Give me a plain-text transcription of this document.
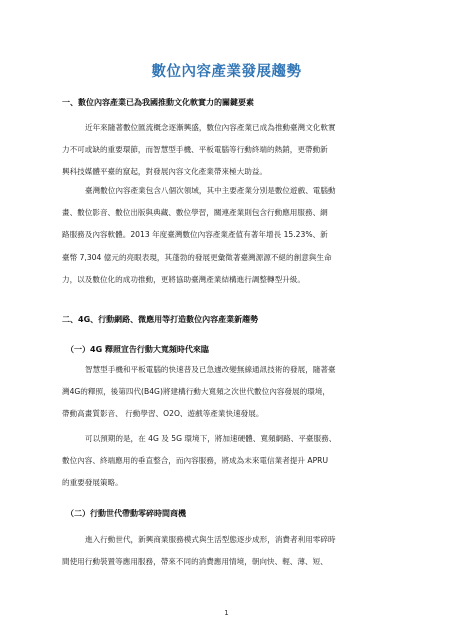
數位內容產業發展趨勢
一、數位內容產業已為我國推動文化軟實力的關鍵要素
近年來隨著數位匯流概念逐漸興盛，數位內容產業已成為推動臺灣文化軟實
力不可或缺的重要環節，而智慧型手機、平板電腦等行動終端的熱銷，更帶動新
興科技媒體平臺的竄起，對發展內容文化產業帶來極大助益。
臺灣數位內容產業包含八個次領域，其中主要產業分別是數位遊戲、電腦動
畫、數位影音、數位出版與典藏、數位學習，關連產業則包含行動應用服務、網
路服務及內容軟體。2013 年度臺灣數位內容產業產值有著年增長 15.23%、新
臺幣 7,304 億元的亮眼表現，其蓬勃的發展更彙徵著臺灣源源不絕的創意與生命
力，以及數位化的成功推動，更將協助臺灣產業結構進行調整轉型升級。
二、4G、行動網路、微應用等打造數位內容產業新趨勢
（一）4G 釋照宣告行動大寬頻時代來臨
智慧型手機和平板電腦的快速普及已急遽改變無線通訊技術的發展，隨著臺
灣4G的釋照，後第四代(B4G)將建構行動大寬頻之次世代數位內容發展的環境，
帶動高畫質影音、 行動學習、O2O、遊戲等產業快速發展。
可以預期的是，在 4G 及 5G 環境下，將加速硬體、寬頻網路、平臺服務、
數位內容、終端應用的垂直整合，而內容服務，將成為未來電信業者提升 APRU
的重要發展策略。
（二）行動世代帶動零碎時間商機
進入行動世代，新興商業服務模式與生活型態逐步成形，消費者利用零碎時
間使用行動裝置等應用服務，帶來不同的消費應用情境，朝向快、輕、薄、短、
1
